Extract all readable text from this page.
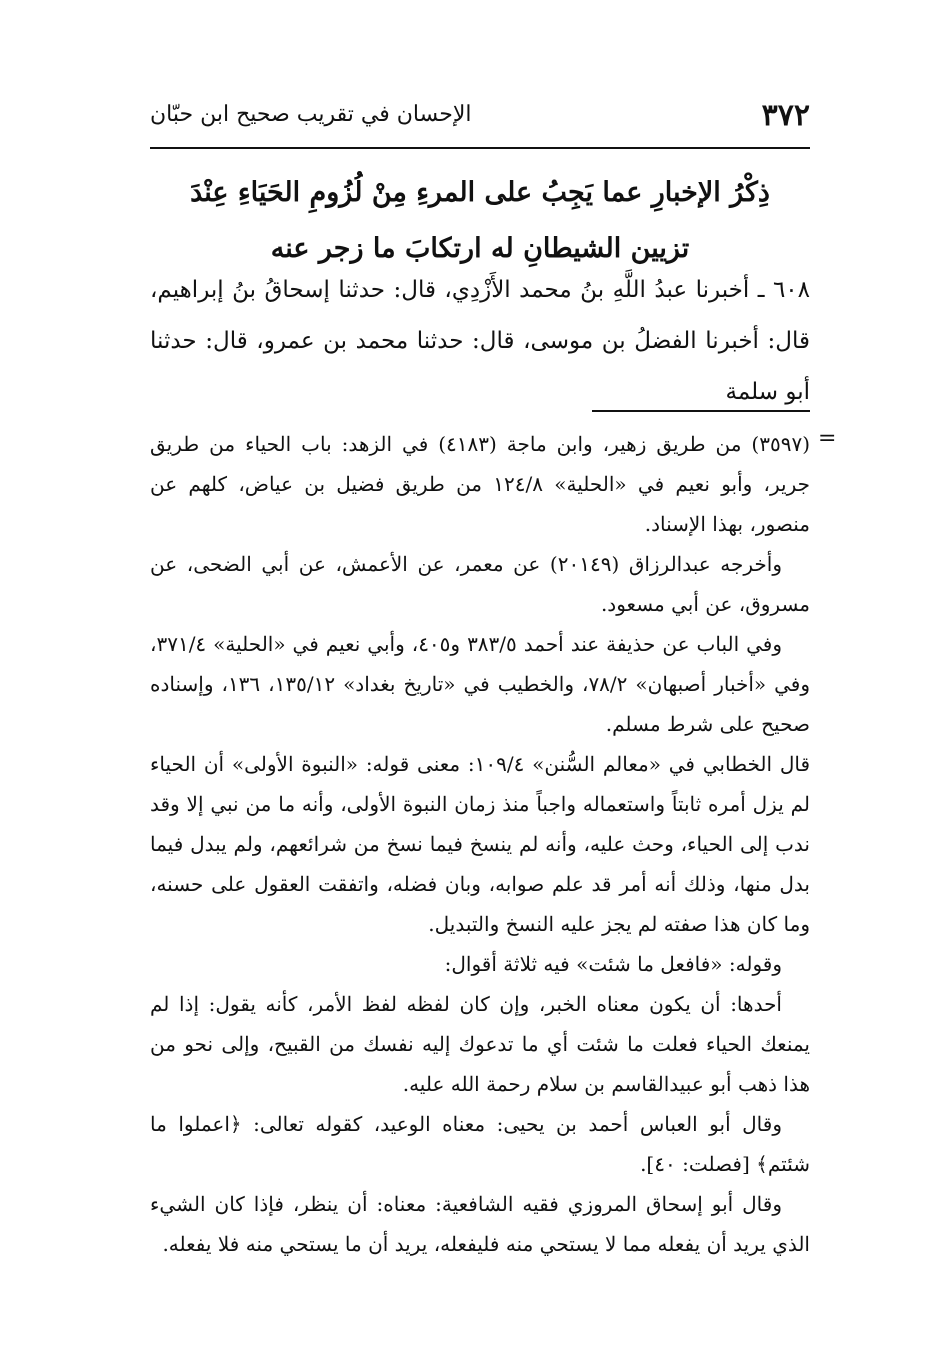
٣٧٢
الإحسان في تقريب صحيح ابن حبّان
ذِكْرُ الإخبارِ عما يَجِبُ على المرءِ مِنْ لُزُومِ الحَيَاءِ عِنْدَ
تزيين الشيطانِ له ارتكابَ ما زجر عنه

٦٠٨ ـ أخبرنا عبدُ اللَّهِ بنُ محمد الأَزْدِي، قال: حدثنا إسحاقُ بنُ إبراهيم، قال: أخبرنا الفضلُ بن موسى، قال: حدثنا محمد بن عمرو، قال: حدثنا أبو سلمة

=

(٣٥٩٧) من طريق زهير، وابن ماجة (٤١٨٣) في الزهد: باب الحياء من طريق جرير، وأبو نعيم في «الحلية» ١٢٤/٨ من طريق فضيل بن عياض، كلهم عن منصور، بهذا الإسناد.

وأخرجه عبدالرزاق (٢٠١٤٩) عن معمر، عن الأعمش، عن أبي الضحى، عن مسروق، عن أبي مسعود.

وفي الباب عن حذيفة عند أحمد ٣٨٣/٥ و٤٠٥، وأبي نعيم في «الحلية» ٣٧١/٤، وفي «أخبار أصبهان» ٧٨/٢، والخطيب في «تاريخ بغداد» ١٣٥/١٢، ١٣٦، وإسناده صحيح على شرط مسلم.

قال الخطابي في «معالم السُّنن» ١٠٩/٤: معنى قوله: «النبوة الأولى» أن الحياء لم يزل أمره ثابتاً واستعماله واجباً منذ زمان النبوة الأولى، وأنه ما من نبي إلا وقد ندب إلى الحياء، وحث عليه، وأنه لم ينسخ فيما نسخ من شرائعهم، ولم يبدل فيما بدل منها، وذلك أنه أمر قد علم صوابه، وبان فضله، واتفقت العقول على حسنه، وما كان هذا صفته لم يجز عليه النسخ والتبديل.

وقوله: «فافعل ما شئت» فيه ثلاثة أقوال:

أحدها: أن يكون معناه الخبر، وإن كان لفظه لفظ الأمر، كأنه يقول: إذا لم يمنعك الحياء فعلت ما شئت أي ما تدعوك إليه نفسك من القبيح، وإلى نحو من هذا ذهب أبو عبيدالقاسم بن سلام رحمة الله عليه.

وقال أبو العباس أحمد بن يحيى: معناه الوعيد، كقوله تعالى: ﴿اعملوا ما شئتم﴾ [فصلت: ٤٠].

وقال أبو إسحاق المروزي فقيه الشافعية: معناه: أن ينظر، فإذا كان الشيء الذي يريد أن يفعله مما لا يستحي منه فليفعله، يريد أن ما يستحي منه فلا يفعله.
